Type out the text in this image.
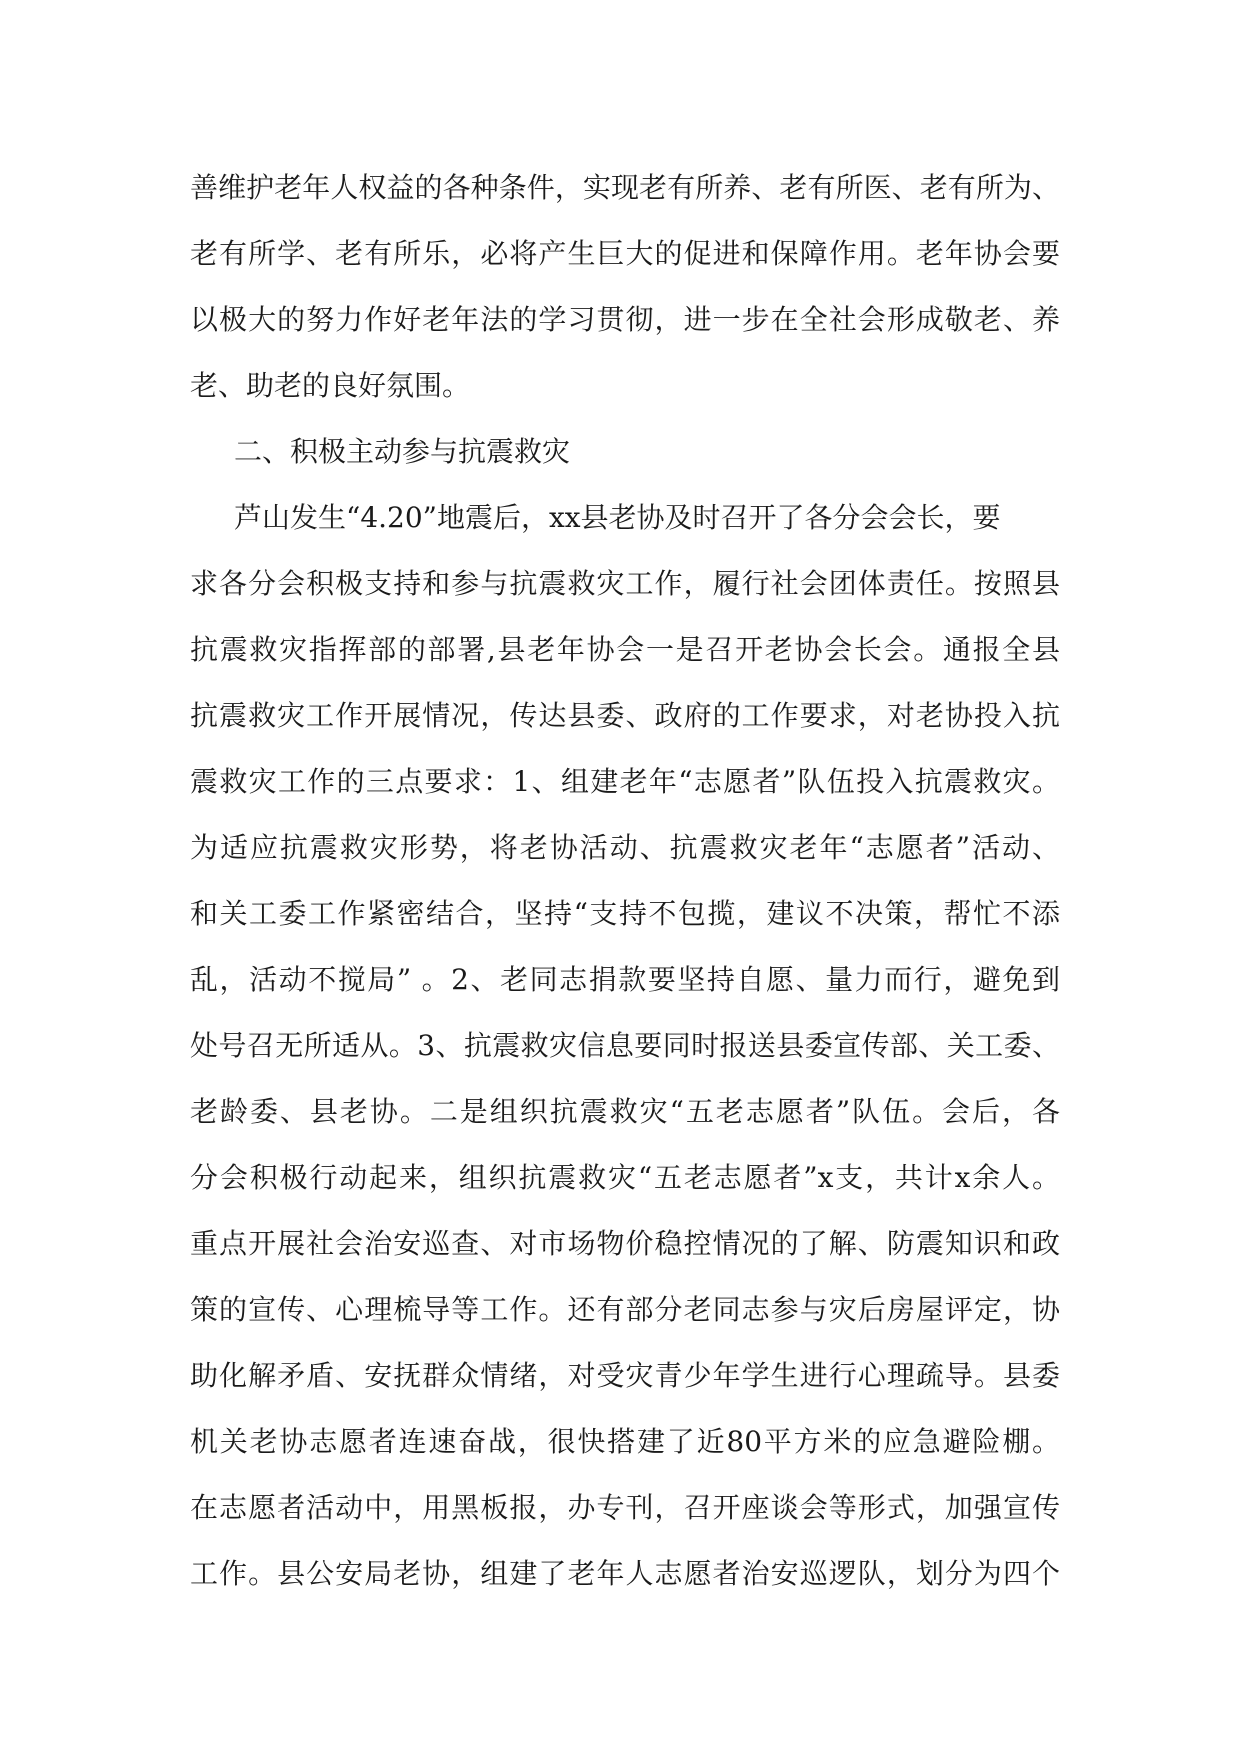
善维护老年人权益的各种条件，实现老有所养、老有所医、老有所为、
老有所学、老有所乐，必将产生巨大的促进和保障作用。老年协会要
以极大的努力作好老年法的学习贯彻，进一步在全社会形成敬老、养
老、助老的良好氛围。
二、积极主动参与抗震救灾
芦山发生“4.20”地震后，xx县老协及时召开了各分会会长，要
求各分会积极支持和参与抗震救灾工作，履行社会团体责任。按照县
抗震救灾指挥部的部署,县老年协会一是召开老协会长会。通报全县
抗震救灾工作开展情况，传达县委、政府的工作要求，对老协投入抗
震救灾工作的三点要求：1、组建老年“志愿者”队伍投入抗震救灾。
为适应抗震救灾形势，将老协活动、抗震救灾老年“志愿者”活动、
和关工委工作紧密结合，坚持“支持不包揽，建议不决策，帮忙不添
乱，活动不搅局” 。2、老同志捐款要坚持自愿、量力而行，避免到
处号召无所适从。3、抗震救灾信息要同时报送县委宣传部、关工委、
老龄委、县老协。二是组织抗震救灾“五老志愿者”队伍。会后，各
分会积极行动起来，组织抗震救灾“五老志愿者”x支，共计x余人。
重点开展社会治安巡查、对市场物价稳控情况的了解、防震知识和政
策的宣传、心理梳导等工作。还有部分老同志参与灾后房屋评定，协
助化解矛盾、安抚群众情绪，对受灾青少年学生进行心理疏导。县委
机关老协志愿者连速奋战，很快搭建了近80平方米的应急避险棚。
在志愿者活动中，用黑板报，办专刊，召开座谈会等形式，加强宣传
工作。县公安局老协，组建了老年人志愿者治安巡逻队，划分为四个
